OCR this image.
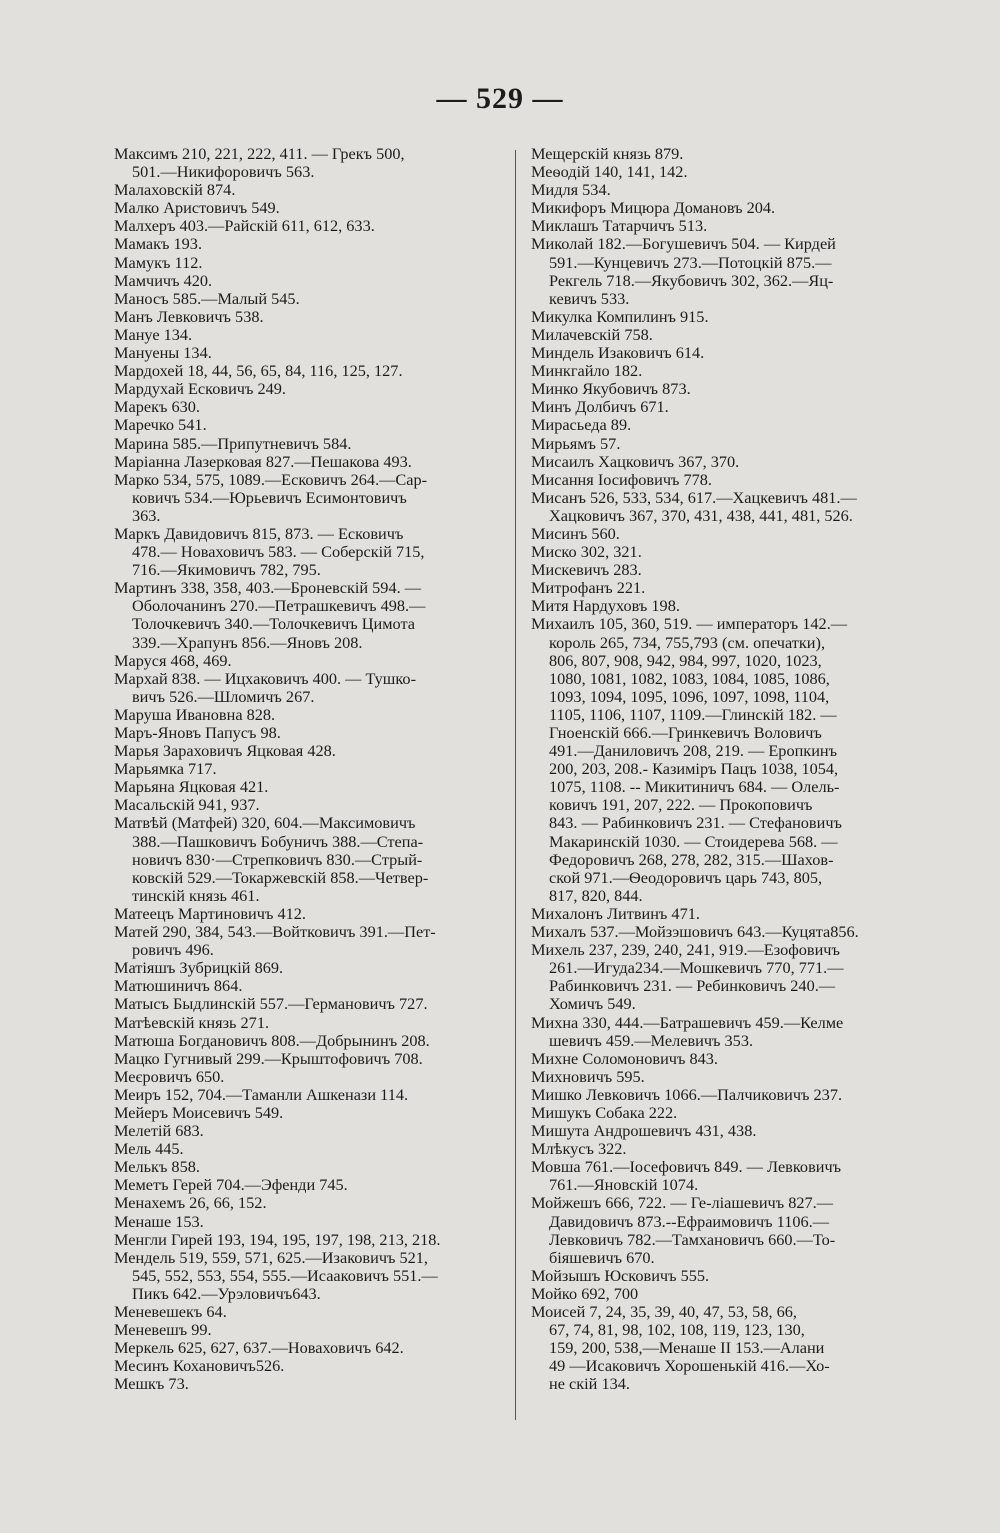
— 529 —
Максимъ 210, 221, 222, 411. — Грекъ 500,
501.—Никифоровичъ 563.
Малаховскій 874.
Малко Аристовичъ 549.
Малхеръ 403.—Райскій 611, 612, 633.
Мамакъ 193.
Мамукъ 112.
Мамчичъ 420.
Маносъ 585.—Малый 545.
Манъ Левковичъ 538.
Мануе 134.
Мануены 134.
Мардохей 18, 44, 56, 65, 84, 116, 125, 127.
Мардухай Есковичъ 249.
Марекъ 630.
Маречко 541.
Марина 585.—Припутневичъ 584.
Маріанна Лазерковая 827.—Пешакова 493.
Марко 534, 575, 1089.—Есковичъ 264.—Сар-
ковичъ 534.—Юрьевичъ Есимонтовичъ
363.
Маркъ Давидовичъ 815, 873. — Есковичъ
478.— Новаховичъ 583. — Соберскій 715,
716.—Якимовичъ 782, 795.
Мартинъ 338, 358, 403.—Броневскій 594. —
Оболочанинъ 270.—Петрашкевичъ 498.—
Толочкевичъ 340.—Толочкевичъ Цимота
339.—Храпунъ 856.—Яновъ 208.
Маруся 468, 469.
Мархай 838. — Ицхаковичъ 400. — Тушко-
вичъ 526.—Шломичъ 267.
Маруша Ивановна 828.
Маръ-Яновъ Папусъ 98.
Марья Зараховичъ Яцковая 428.
Марьямка 717.
Марьяна Яцковая 421.
Масальскій 941, 937.
Матвѣй (Матфей) 320, 604.—Максимовичъ
388.—Пашковичъ Бобуничъ 388.—Степа-
новичъ 830·—Стрепковичъ 830.—Стрый-
ковскій 529.—Токаржевскій 858.—Четвер-
тинскій князь 461.
Матеецъ Мартиновичъ 412.
Матей 290, 384, 543.—Войтковичъ 391.—Пет-
ровичъ 496.
Матіяшъ Зубрицкій 869.
Матюшиничъ 864.
Матысъ Быдлинскій 557.—Германовичъ 727.
Матѣевскій князь 271.
Матюша Богдановичъ 808.—Добрынинъ 208.
Мацко Гугнивый 299.—Крыштофовичъ 708.
Меєровичъ 650.
Меиръ 152, 704.—Таманли Ашкенази 114.
Мейеръ Моисевичъ 549.
Мелетій 683.
Мель 445.
Мелькъ 858.
Меметъ Герей 704.—Эфенди 745.
Менахемъ 26, 66, 152.
Менаше 153.
Менгли Гирей 193, 194, 195, 197, 198, 213, 218.
Мендель 519, 559, 571, 625.—Изаковичъ 521,
545, 552, 553, 554, 555.—Исааковичъ 551.—
Пикъ 642.—Урэловичъ643.
Меневешекъ 64.
Меневешъ 99.
Меркель 625, 627, 637.—Новаховичъ 642.
Месинъ Кохановичъ526.
Мешкъ 73.
Мещерскій князь 879.
Меѳодій 140, 141, 142.
Мидля 534.
Микифоръ Мицюра Домановъ 204.
Миклашъ Татарчичъ 513.
Миколай 182.—Богушевичъ 504. — Кирдей
591.—Кунцевичъ 273.—Потоцкій 875.—
Рекгель 718.—Якубовичъ 302, 362.—Яц-
кевичъ 533.
Микулка Компилинъ 915.
Милачевскій 758.
Миндель Изаковичъ 614.
Минкгайло 182.
Минко Якубовичъ 873.
Минъ Долбичъ 671.
Мирасьеда 89.
Мирьямъ 57.
Мисаилъ Хацковичъ 367, 370.
Мисання Іосифовичъ 778.
Мисанъ 526, 533, 534, 617.—Хацкевичъ 481.—
Хацковичъ 367, 370, 431, 438, 441, 481, 526.
Мисинъ 560.
Миско 302, 321.
Мискевичъ 283.
Митрофанъ 221.
Митя Нардуховъ 198.
Михаилъ 105, 360, 519. — императоръ 142.—
король 265, 734, 755,793 (см. опечатки),
806, 807, 908, 942, 984, 997, 1020, 1023,
1080, 1081, 1082, 1083, 1084, 1085, 1086,
1093, 1094, 1095, 1096, 1097, 1098, 1104,
1105, 1106, 1107, 1109.—Глинскій 182. —
Гноенскій 666.—Гринкевичъ Воловичъ
491.—Даниловичъ 208, 219. — Еропкинъ
200, 203, 208.- Казиміръ Пацъ 1038, 1054,
1075, 1108. -- Микитиничъ 684. — Олель-
ковичъ 191, 207, 222. — Прокоповичъ
843. — Рабинковичъ 231. — Стефановичъ
Макаринскій 1030. — Стоидерева 568. —
Федоровичъ 268, 278, 282, 315.—Шахов-
ской 971.—Ѳеодоровичъ царь 743, 805,
817, 820, 844.
Михалонъ Литвинъ 471.
Михалъ 537.—Мойзэшовичъ 643.—Куцята856.
Михель 237, 239, 240, 241, 919.—Езофовичъ
261.—Игуда234.—Мошкевичъ 770, 771.—
Рабинковичъ 231. — Ребинковичъ 240.—
Хомичъ 549.
Михна 330, 444.—Батрашевичъ 459.—Келме
шевичъ 459.—Мелевичъ 353.
Михне Соломоновичъ 843.
Михновичъ 595.
Мишко Левковичъ 1066.—Палчиковичъ 237.
Мишукъ Собака 222.
Мишута Андрошевичъ 431, 438.
Млѣкусъ 322.
Мовша 761.—Іосефовичъ 849. — Левковичъ
761.—Яновскій 1074.
Мойжешъ 666, 722. — Ге-ліашевичъ 827.—
Давидовичъ 873.--Ефраимовичъ 1106.—
Левковичъ 782.—Тамхановичъ 660.—То-
біяшевичъ 670.
Мойзышъ Юсковичъ 555.
Мойко 692, 700
Моисей 7, 24, 35, 39, 40, 47, 53, 58, 66,
67, 74, 81, 98, 102, 108, 119, 123, 130,
159, 200, 538,—Менаше II 153.—Алани
49 —Исаковичъ Хорошенькій 416.—Хо-
не скій 134.
